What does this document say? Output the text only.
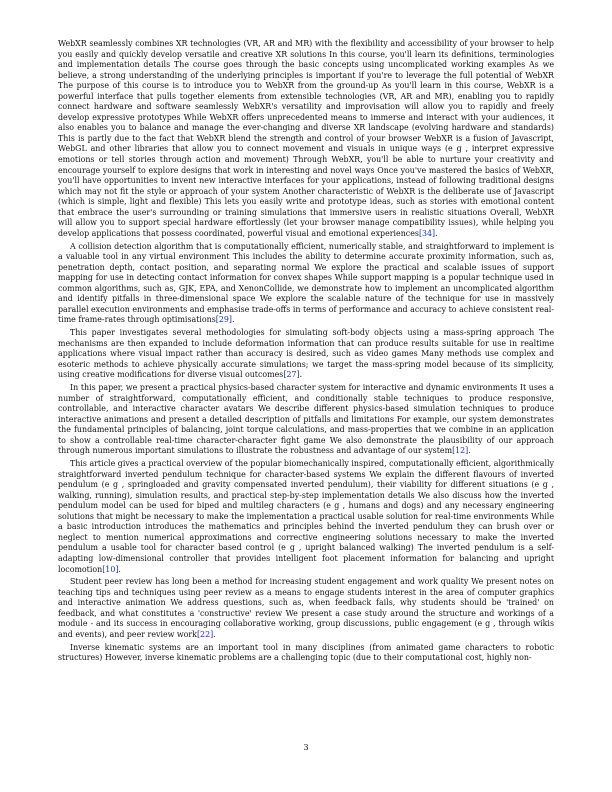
WebXR seamlessly combines XR technologies (VR, AR and MR) with the flexibility and accessibility of your browser to help you easily and quickly develop versatile and creative XR solutions In this course, you'll learn its definitions, terminologies and implementation details The course goes through the basic concepts using uncomplicated working examples As we believe, a strong understanding of the underlying principles is important if you're to leverage the full potential of WebXR The purpose of this course is to introduce you to WebXR from the ground-up As you'll learn in this course, WebXR is a powerful interface that pulls together elements from extensible technologies (VR, AR and MR), enabling you to rapidly connect hardware and software seamlessly WebXR's versatility and improvisation will allow you to rapidly and freely develop expressive prototypes While WebXR offers unprecedented means to immerse and interact with your audiences, it also enables you to balance and manage the ever-changing and diverse XR landscape (evolving hardware and standards) This is partly due to the fact that WebXR blend the strength and control of your browser WebXR is a fusion of Javascript, WebGL and other libraries that allow you to connect movement and visuals in unique ways (e g , interpret expressive emotions or tell stories through action and movement) Through WebXR, you'll be able to nurture your creativity and encourage yourself to explore designs that work in interesting and novel ways Once you've mastered the basics of WebXR, you'll have opportunities to invent new interactive interfaces for your applications, instead of following traditional designs which may not fit the style or approach of your system Another characteristic of WebXR is the deliberate use of Javascript (which is simple, light and flexible) This lets you easily write and prototype ideas, such as stories with emotional content that embrace the user's surrounding or training simulations that immersive users in realistic situations Overall, WebXR will allow you to support special hardware effortlessly (let your browser manage compatibility issues), while helping you develop applications that possess coordinated, powerful visual and emotional experiences[34].

A collision detection algorithm that is computationally efficient, numerically stable, and straightforward to implement is a valuable tool in any virtual environment This includes the ability to determine accurate proximity information, such as, penetration depth, contact position, and separating normal We explore the practical and scalable issues of support mapping for use in detecting contact information for convex shapes While support mapping is a popular technique used in common algorithms, such as, GJK, EPA, and XenonCollide, we demonstrate how to implement an uncomplicated algorithm and identify pitfalls in three-dimensional space We explore the scalable nature of the technique for use in massively parallel execution environments and emphasise trade-offs in terms of performance and accuracy to achieve consistent real-time frame-rates through optimisations[29].

This paper investigates several methodologies for simulating soft-body objects using a mass-spring approach The mechanisms are then expanded to include deformation information that can produce results suitable for use in realtime applications where visual impact rather than accuracy is desired, such as video games Many methods use complex and esoteric methods to achieve physically accurate simulations; we target the mass-spring model because of its simplicity, using creative modifications for diverse visual outcomes[27].

In this paper, we present a practical physics-based character system for interactive and dynamic environments It uses a number of straightforward, computationally efficient, and conditionally stable techniques to produce responsive, controllable, and interactive character avatars We describe different physics-based simulation techniques to produce interactive animations and present a detailed description of pitfalls and limitations For example, our system demonstrates the fundamental principles of balancing, joint torque calculations, and mass-properties that we combine in an application to show a controllable real-time character-character fight game We also demonstrate the plausibility of our approach through numerous important simulations to illustrate the robustness and advantage of our system[12].

This article gives a practical overview of the popular biomechanically inspired, computationally efficient, algorithmically straightforward inverted pendulum technique for character-based systems We explain the different flavours of inverted pendulum (e g , springloaded and gravity compensated inverted pendulum), their viability for different situations (e g , walking, running), simulation results, and practical step-by-step implementation details We also discuss how the inverted pendulum model can be used for biped and multileg characters (e g , humans and dogs) and any necessary engineering solutions that might be necessary to make the implementation a practical usable solution for real-time environments While a basic introduction introduces the mathematics and principles behind the inverted pendulum they can brush over or neglect to mention numerical approximations and corrective engineering solutions necessary to make the inverted pendulum a usable tool for character based control (e g , upright balanced walking) The inverted pendulum is a self-adapting low-dimensional controller that provides intelligent foot placement information for balancing and upright locomotion[10].

Student peer review has long been a method for increasing student engagement and work quality We present notes on teaching tips and techniques using peer review as a means to engage students interest in the area of computer graphics and interactive animation We address questions, such as, when feedback fails, why students should be 'trained' on feedback, and what constitutes a 'constructive' review We present a case study around the structure and workings of a module - and its success in encouraging collaborative working, group discussions, public engagement (e g , through wikis and events), and peer review work[22].

Inverse kinematic systems are an important tool in many disciplines (from animated game characters to robotic structures) However, inverse kinematic problems are a challenging topic (due to their computational cost, highly non-

3
